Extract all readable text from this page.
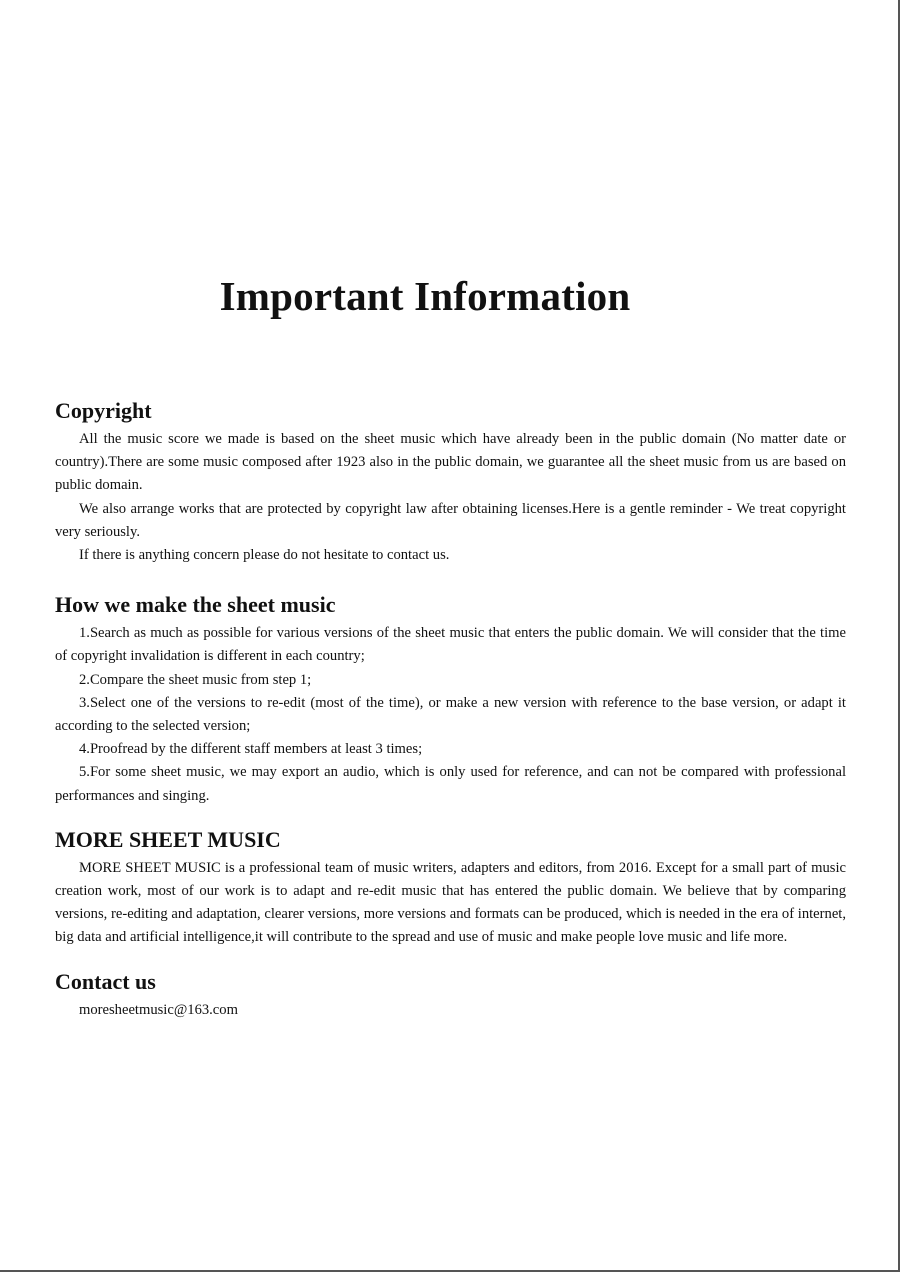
Important Information
Copyright

All the music score we made is based on the sheet music which have already been in the public domain (No matter date or country).There are some music composed after 1923 also in the public domain, we guarantee all the sheet music from us are based on public domain.

We also arrange works that are protected by copyright law after obtaining licenses.Here is a gentle reminder - We treat copyright very seriously.

If there is anything concern please do not hesitate to contact us.

How we make the sheet music

1.Search as much as possible for various versions of the sheet music that enters the public domain. We will consider that the time of copyright invalidation is different in each country;

2.Compare the sheet music from step 1;

3.Select one of the versions to re-edit (most of the time), or make a new version with reference to the base version, or adapt it according to the selected version;

4.Proofread by the different staff members at least 3 times;

5.For some sheet music, we may export an audio, which is only used for reference, and can not be compared with professional performances and singing.

MORE SHEET MUSIC

MORE SHEET MUSIC is a professional team of music writers, adapters and editors, from 2016. Except for a small part of music creation work, most of our work is to adapt and re-edit music that has entered the public domain. We believe that by comparing versions, re-editing and adaptation, clearer versions, more versions and formats can be produced, which is needed in the era of internet, big data and artificial intelligence,it will contribute to the spread and use of music and make people love music and life more.

Contact us

moresheetmusic@163.com
